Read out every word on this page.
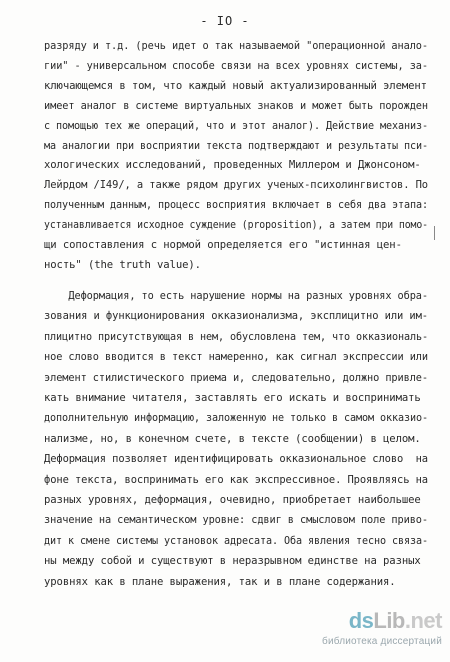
- IO -
разряду и т.д. (речь идет о так называемой "операционной анало-
гии" - универсальном способе связи на всех уровнях системы, за-
ключающемся в том, что каждый новый актуализированный элемент
имеет аналог в системе виртуальных знаков и может быть порожден
с помощью тех же операций, что и этот аналог). Действие механиз-
ма аналогии при восприятии текста подтверждают и результаты пси-
хологических исследований, проведенных Миллером и Джонсоном-
Лейрдом /I49/, а также рядом других ученых-психолингвистов. По
полученным данным, процесс восприятия включает в себя два этапа:
устанавливается исходное суждение (proposition), а затем при помо-
щи сопоставления с нормой определяется его "истинная цен-
ность" (the truth value).
Деформация, то есть нарушение нормы на разных уровнях обра-
зования и функционирования окказионализма, эксплицитно или им-
плицитно присутствующая в нем, обусловлена тем, что окказиональ-
ное слово вводится в текст намеренно, как сигнал экспрессии или
элемент стилистического приема и, следовательно, должно привле-
кать внимание читателя, заставлять его искать и воспринимать
дополнительную информацию, заложенную не только в самом окказио-
нализме, но, в конечном счете, в тексте (сообщении) в целом.
Деформация позволяет идентифицировать окказиональное слово  на
фоне текста, воспринимать его как экспрессивное. Проявляясь на
разных уровнях, деформация, очевидно, приобретает наибольшее
значение на семантическом уровне: сдвиг в смысловом поле приво-
дит к смене системы установок адресата. Оба явления тесно связа-
ны между собой и существуют в неразрывном единстве на разных
уровнях как в плане выражения, так и в плане содержания.
dsLib.net
библиотека диссертаций
